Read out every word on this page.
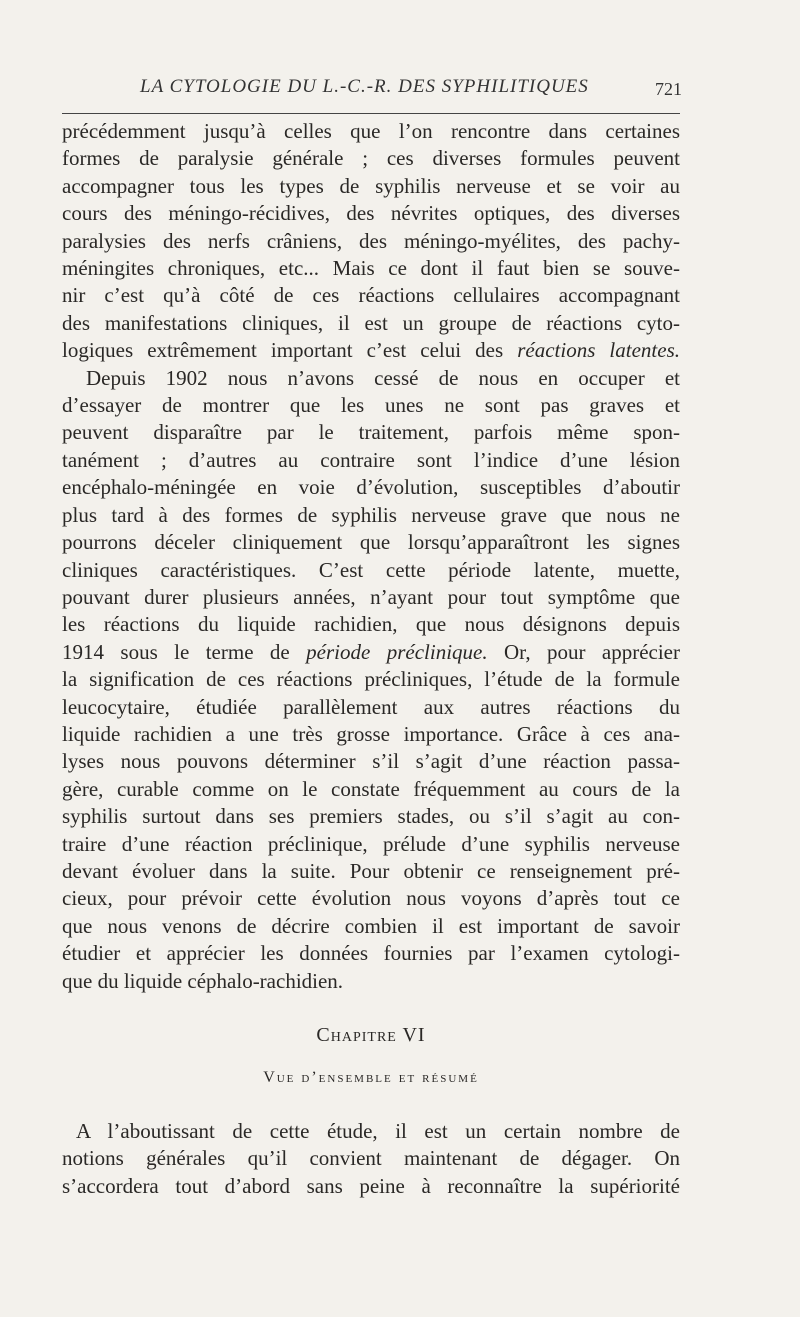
LA CYTOLOGIE DU L.-C.-R. DES SYPHILITIQUES	721

précédemment jusqu’à celles que l’on rencontre dans certaines
formes de paralysie générale ; ces diverses formules peuvent
accompagner tous les types de syphilis nerveuse et se voir au
cours des méningo-récidives, des névrites optiques, des diverses
paralysies des nerfs crâniens, des méningo-myélites, des pachy-
méningites chroniques, etc... Mais ce dont il faut bien se souve-
nir c’est qu’à côté de ces réactions cellulaires accompagnant
des manifestations cliniques, il est un groupe de réactions cyto-
logiques extrêmement important c’est celui des réactions latentes.

Depuis 1902 nous n’avons cessé de nous en occuper et
d’essayer de montrer que les unes ne sont pas graves et
peuvent disparaître par le traitement, parfois même spon-
tanément ; d’autres au contraire sont l’indice d’une lésion
encéphalo-méningée en voie d’évolution, susceptibles d’aboutir
plus tard à des formes de syphilis nerveuse grave que nous ne
pourrons déceler cliniquement que lorsqu’apparaîtront les signes
cliniques caractéristiques. C’est cette période latente, muette,
pouvant durer plusieurs années, n’ayant pour tout symptôme que
les réactions du liquide rachidien, que nous désignons depuis
1914 sous le terme de période préclinique. Or, pour apprécier
la signification de ces réactions précliniques, l’étude de la formule
leucocytaire, étudiée parallèlement aux autres réactions du
liquide rachidien a une très grosse importance. Grâce à ces ana-
lyses nous pouvons déterminer s’il s’agit d’une réaction passa-
gère, curable comme on le constate fréquemment au cours de la
syphilis surtout dans ses premiers stades, ou s’il s’agit au con-
traire d’une réaction préclinique, prélude d’une syphilis nerveuse
devant évoluer dans la suite. Pour obtenir ce renseignement pré-
cieux, pour prévoir cette évolution nous voyons d’après tout ce
que nous venons de décrire combien il est important de savoir
étudier et apprécier les données fournies par l’examen cytologi-
que du liquide céphalo-rachidien.

Chapitre VI
Vue d’ensemble et résumé
A l’aboutissant de cette étude, il est un certain nombre de
notions générales qu’il convient maintenant de dégager. On
s’accordera tout d’abord sans peine à reconnaître la supériorité
